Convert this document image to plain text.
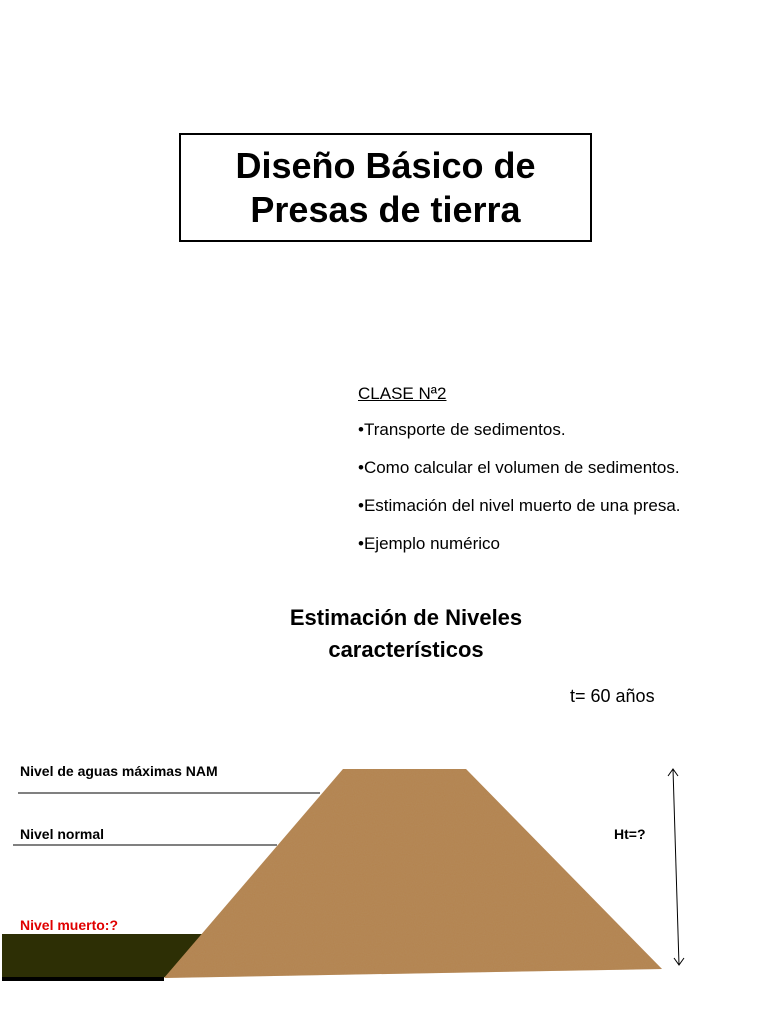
Diseño Básico de
Presas de tierra

CLASE Nª2

• Transporte de sedimentos.
• Como calcular el volumen de sedimentos.
• Estimación del nivel muerto de una presa.
• Ejemplo numérico
Estimación de Niveles
característicos
t= 60 años
Nivel de aguas máximas NAM
Nivel normal
Nivel muerto:?
Ht=?
